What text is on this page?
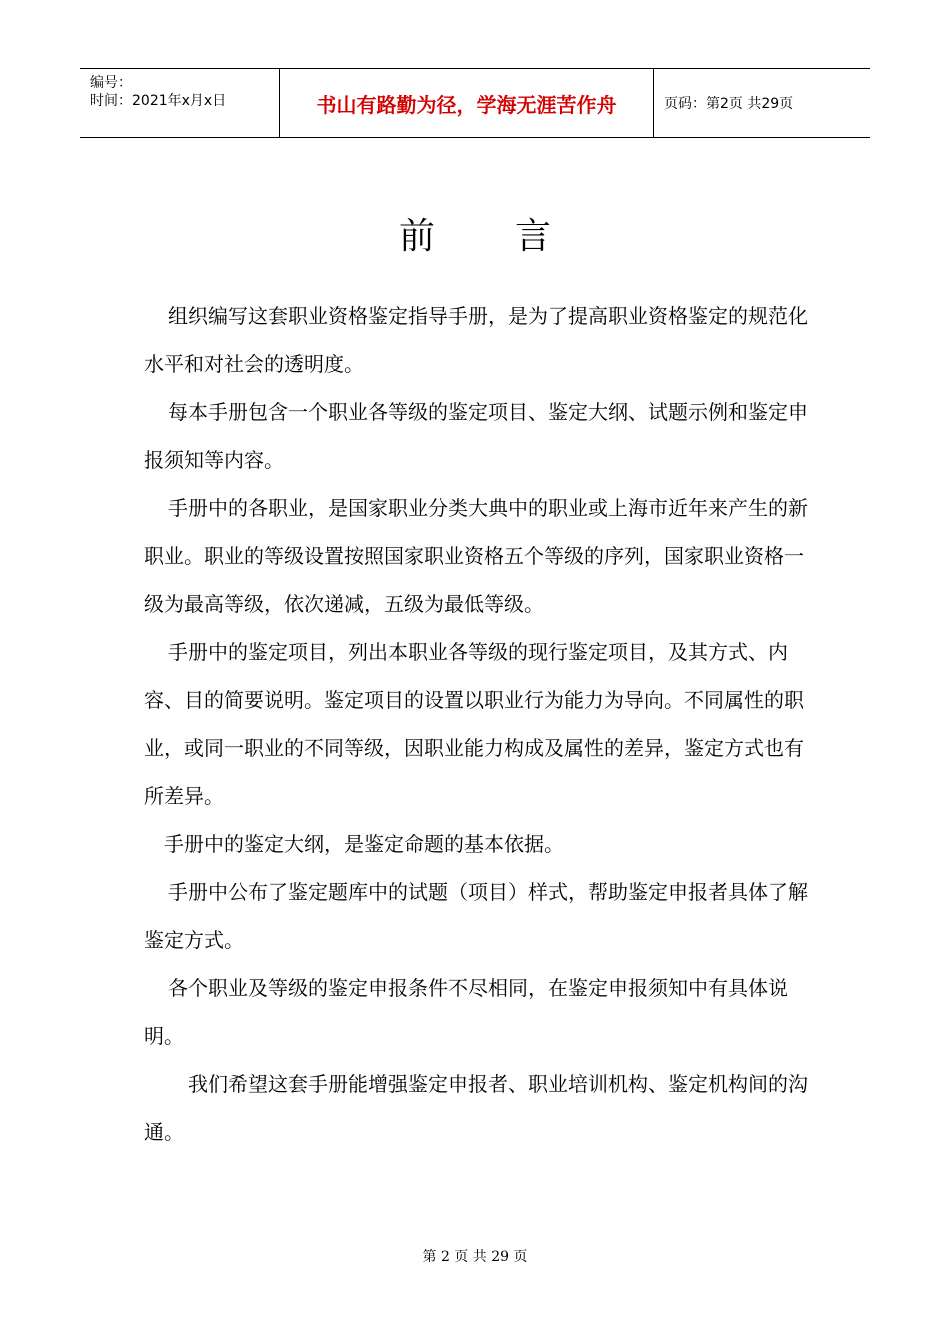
编号：
时间：2021年x月x日	书山有路勤为径，学海无涯苦作舟	页码：第2页 共29页
前言

组织编写这套职业资格鉴定指导手册，是为了提高职业资格鉴定的规范化水平和对社会的透明度。

每本手册包含一个职业各等级的鉴定项目、鉴定大纲、试题示例和鉴定申报须知等内容。

手册中的各职业，是国家职业分类大典中的职业或上海市近年来产生的新职业。职业的等级设置按照国家职业资格五个等级的序列，国家职业资格一级为最高等级，依次递减，五级为最低等级。

手册中的鉴定项目，列出本职业各等级的现行鉴定项目，及其方式、内容、目的简要说明。鉴定项目的设置以职业行为能力为导向。不同属性的职业，或同一职业的不同等级，因职业能力构成及属性的差异，鉴定方式也有所差异。

手册中的鉴定大纲，是鉴定命题的基本依据。

手册中公布了鉴定题库中的试题（项目）样式，帮助鉴定申报者具体了解鉴定方式。

各个职业及等级的鉴定申报条件不尽相同，在鉴定申报须知中有具体说明。

我们希望这套手册能增强鉴定申报者、职业培训机构、鉴定机构间的沟通。

第 2 页 共 29 页
